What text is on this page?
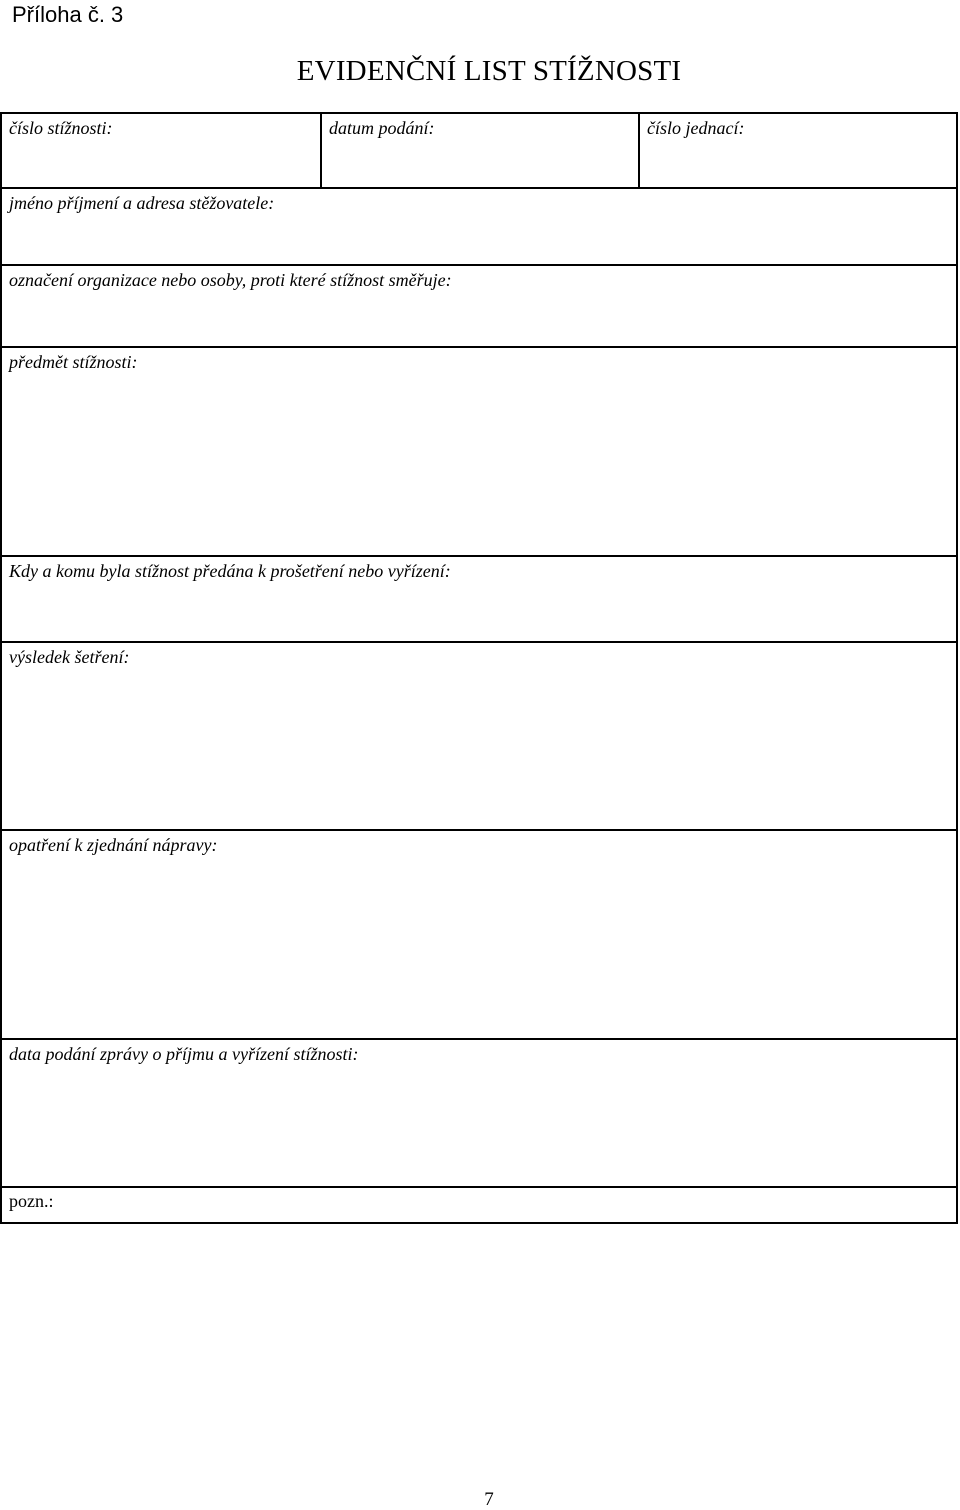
Příloha č. 3
EVIDENČNÍ LIST STÍŽNOSTI
číslo stížnosti:	datum podání:	číslo jednací:
jméno příjmení a adresa stěžovatele:
označení organizace nebo osoby, proti které stížnost směřuje:
předmět stížnosti:
Kdy a komu byla stížnost předána k prošetření nebo vyřízení:
výsledek šetření:
opatření k zjednání nápravy:
data podání zprávy o příjmu a vyřízení stížnosti:
pozn.:
7
